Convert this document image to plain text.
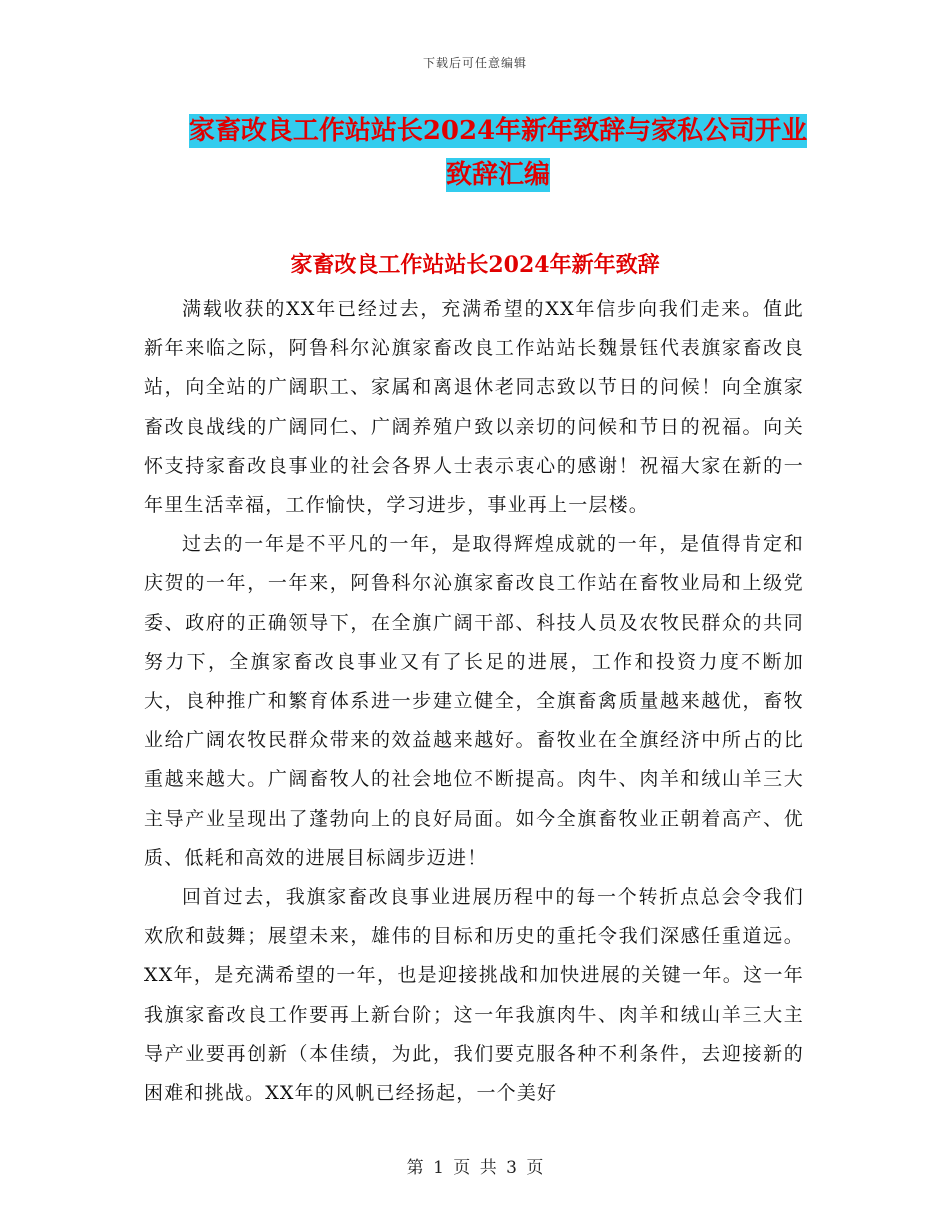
下载后可任意编辑
家畜改良工作站站长2024年新年致辞与家私公司开业
致辞汇编
家畜改良工作站站长2024年新年致辞

满载收获的XX年已经过去，充满希望的XX年信步向我们走来。值此新年来临之际，阿鲁科尔沁旗家畜改良工作站站长魏景钰代表旗家畜改良站，向全站的广阔职工、家属和离退休老同志致以节日的问候！向全旗家畜改良战线的广阔同仁、广阔养殖户致以亲切的问候和节日的祝福。向关怀支持家畜改良事业的社会各界人士表示衷心的感谢！祝福大家在新的一年里生活幸福，工作愉快，学习进步，事业再上一层楼。

过去的一年是不平凡的一年，是取得辉煌成就的一年，是值得肯定和庆贺的一年，一年来，阿鲁科尔沁旗家畜改良工作站在畜牧业局和上级党委、政府的正确领导下，在全旗广阔干部、科技人员及农牧民群众的共同努力下，全旗家畜改良事业又有了长足的进展，工作和投资力度不断加大，良种推广和繁育体系进一步建立健全，全旗畜禽质量越来越优，畜牧业给广阔农牧民群众带来的效益越来越好。畜牧业在全旗经济中所占的比重越来越大。广阔畜牧人的社会地位不断提高。肉牛、肉羊和绒山羊三大主导产业呈现出了蓬勃向上的良好局面。如今全旗畜牧业正朝着高产、优质、低耗和高效的进展目标阔步迈进！

回首过去，我旗家畜改良事业进展历程中的每一个转折点总会令我们欢欣和鼓舞；展望未来，雄伟的目标和历史的重托令我们深感任重道远。XX年，是充满希望的一年，也是迎接挑战和加快进展的关键一年。这一年我旗家畜改良工作要再上新台阶；这一年我旗肉牛、肉羊和绒山羊三大主导产业要再创新（本佳绩，为此，我们要克服各种不利条件，去迎接新的困难和挑战。XX年的风帆已经扬起，一个美好

第 1 页 共 3 页
